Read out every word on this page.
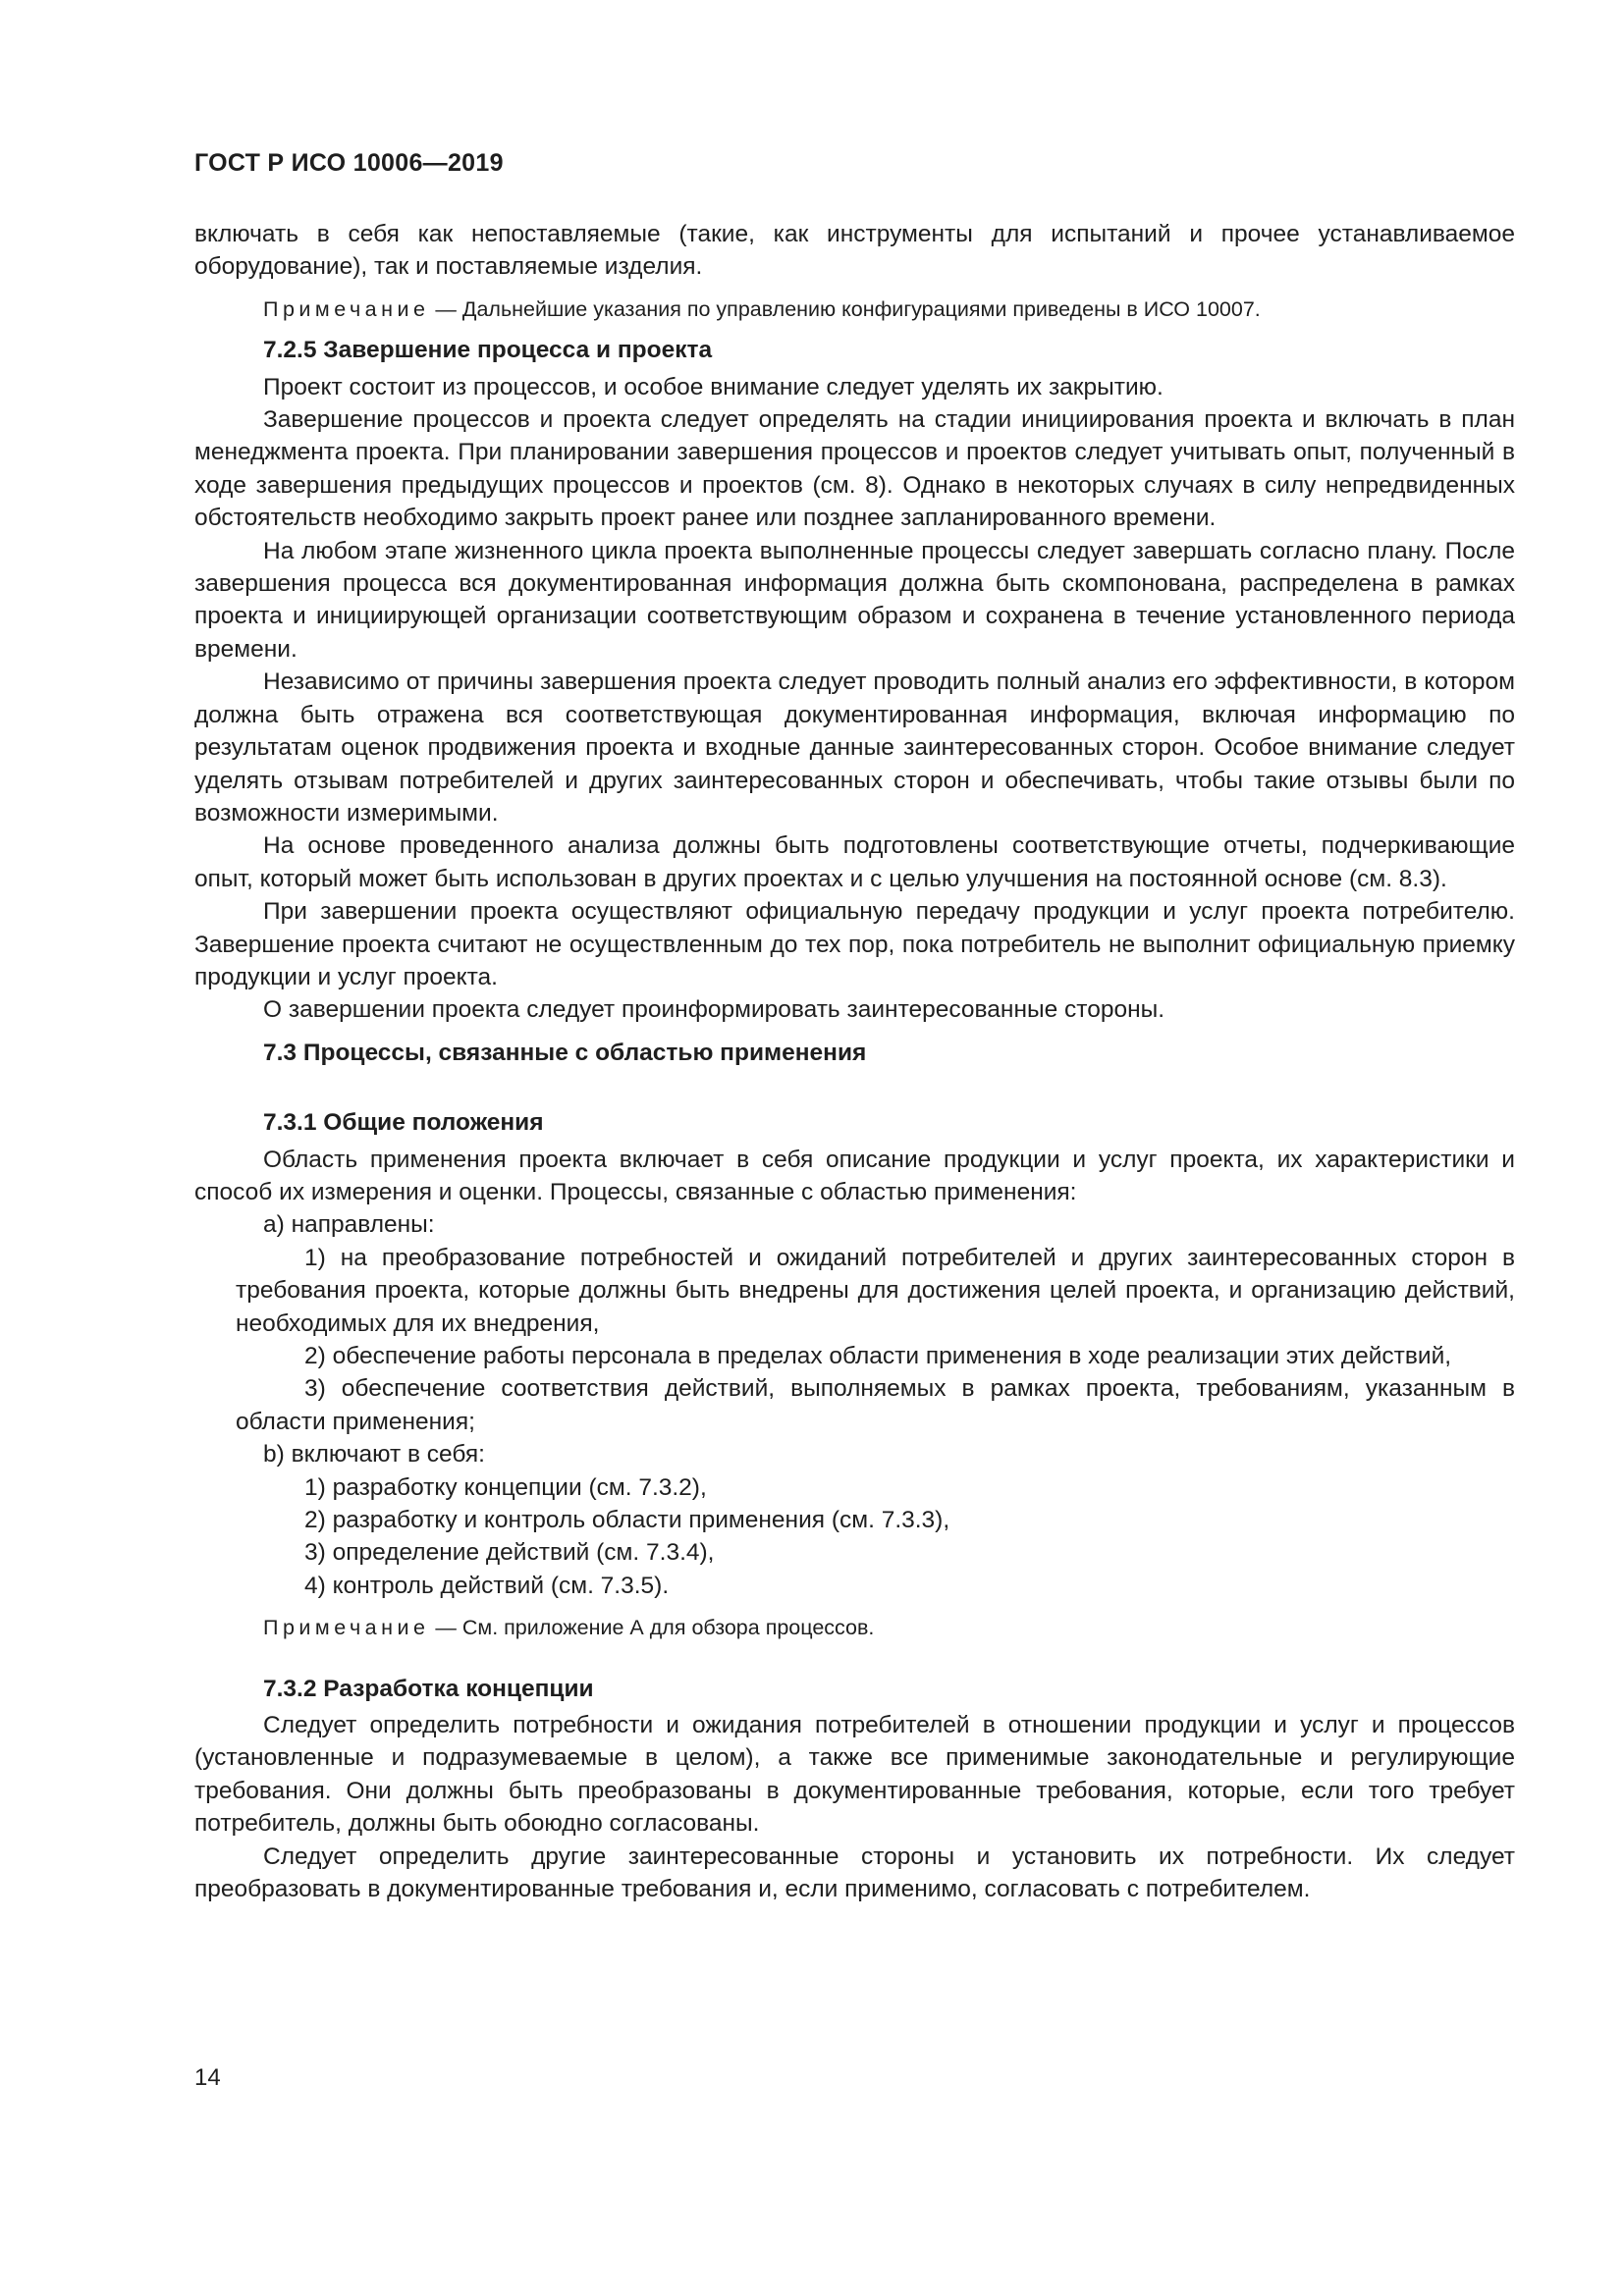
ГОСТ Р ИСО 10006—2019

включать в себя как непоставляемые (такие, как инструменты для испытаний и прочее устанавливаемое оборудование), так и поставляемые изделия.

Примечание — Дальнейшие указания по управлению конфигурациями приведены в ИСО 10007.
7.2.5 Завершение процесса и проекта

Проект состоит из процессов, и особое внимание следует уделять их закрытию.

Завершение процессов и проекта следует определять на стадии инициирования проекта и включать в план менеджмента проекта. При планировании завершения процессов и проектов следует учитывать опыт, полученный в ходе завершения предыдущих процессов и проектов (см. 8). Однако в некоторых случаях в силу непредвиденных обстоятельств необходимо закрыть проект ранее или позднее запланированного времени.

На любом этапе жизненного цикла проекта выполненные процессы следует завершать согласно плану. После завершения процесса вся документированная информация должна быть скомпонована, распределена в рамках проекта и инициирующей организации соответствующим образом и сохранена в течение установленного периода времени.

Независимо от причины завершения проекта следует проводить полный анализ его эффективности, в котором должна быть отражена вся соответствующая документированная информация, включая информацию по результатам оценок продвижения проекта и входные данные заинтересованных сторон. Особое внимание следует уделять отзывам потребителей и других заинтересованных сторон и обеспечивать, чтобы такие отзывы были по возможности измеримыми.

На основе проведенного анализа должны быть подготовлены соответствующие отчеты, подчеркивающие опыт, который может быть использован в других проектах и с целью улучшения на постоянной основе (см. 8.3).

При завершении проекта осуществляют официальную передачу продукции и услуг проекта потребителю. Завершение проекта считают не осуществленным до тех пор, пока потребитель не выполнит официальную приемку продукции и услуг проекта.

О завершении проекта следует проинформировать заинтересованные стороны.

7.3 Процессы, связанные с областью применения
7.3.1 Общие положения

Область применения проекта включает в себя описание продукции и услуг проекта, их характеристики и способ их измерения и оценки. Процессы, связанные с областью применения:

a) направлены:

1) на преобразование потребностей и ожиданий потребителей и других заинтересованных сторон в требования проекта, которые должны быть внедрены для достижения целей проекта, и организацию действий, необходимых для их внедрения,

2) обеспечение работы персонала в пределах области применения в ходе реализации этих действий,

3) обеспечение соответствия действий, выполняемых в рамках проекта, требованиям, указанным в области применения;

b) включают в себя:

1) разработку концепции (см. 7.3.2),

2) разработку и контроль области применения (см. 7.3.3),

3) определение действий (см. 7.3.4),

4) контроль действий (см. 7.3.5).

Примечание — См. приложение А для обзора процессов.
7.3.2 Разработка концепции

Следует определить потребности и ожидания потребителей в отношении продукции и услуг и процессов (установленные и подразумеваемые в целом), а также все применимые законодательные и регулирующие требования. Они должны быть преобразованы в документированные требования, которые, если того требует потребитель, должны быть обоюдно согласованы.

Следует определить другие заинтересованные стороны и установить их потребности. Их следует преобразовать в документированные требования и, если применимо, согласовать с потребителем.

14
